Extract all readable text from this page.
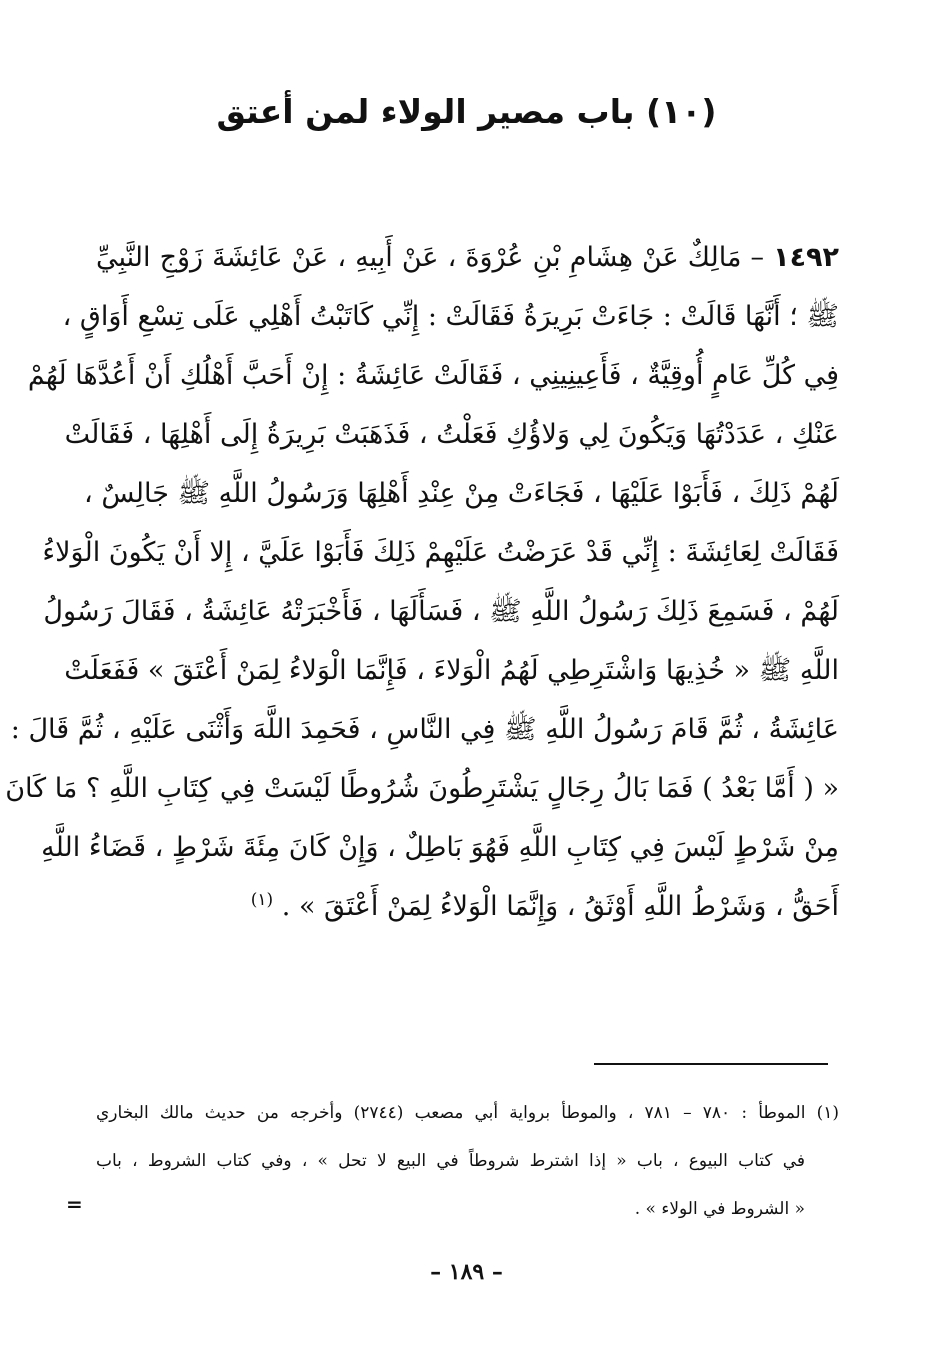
(١٠) باب مصير الولاء لمن أعتق
١٤٩٢ – مَالِكٌ عَنْ هِشَامِ بْنِ عُرْوَةَ ، عَنْ أَبِيهِ ، عَنْ عَائِشَةَ زَوْجِ النَّبِيِّ
ﷺ ؛ أَنَّهَا قَالَتْ : جَاءَتْ بَرِيرَةُ فَقَالَتْ : إِنِّي كَاتَبْتُ أَهْلِي عَلَى تِسْعِ أَوَاقٍ ،
فِي كُلِّ عَامٍ أُوقِيَّةٌ ، فَأَعِينِينِي ، فَقَالَتْ عَائِشَةُ : إِنْ أَحَبَّ أَهْلُكِ أَنْ أَعُدَّهَا لَهُمْ
عَنْكِ ، عَدَدْتُهَا وَيَكُونَ لِي وَلاؤُكِ فَعَلْتُ ، فَذَهَبَتْ بَرِيرَةُ إِلَى أَهْلِهَا ، فَقَالَتْ
لَهُمْ ذَلِكَ ، فَأَبَوْا عَلَيْهَا ، فَجَاءَتْ مِنْ عِنْدِ أَهْلِهَا وَرَسُولُ اللَّهِ ﷺ جَالِسٌ ،
فَقَالَتْ لِعَائِشَةَ : إِنِّي قَدْ عَرَضْتُ عَلَيْهِمْ ذَلِكَ فَأَبَوْا عَلَيَّ ، إِلا أَنْ يَكُونَ الْوَلاءُ
لَهُمْ ، فَسَمِعَ ذَلِكَ رَسُولُ اللَّهِ ﷺ ، فَسَأَلَهَا ، فَأَخْبَرَتْهُ عَائِشَةُ ، فَقَالَ رَسُولُ
اللَّهِ ﷺ « خُذِيهَا وَاشْتَرِطِي لَهُمُ الْوَلاءَ ، فَإِنَّمَا الْوَلاءُ لِمَنْ أَعْتَقَ » فَفَعَلَتْ
عَائِشَةُ ، ثُمَّ قَامَ رَسُولُ اللَّهِ ﷺ فِي النَّاسِ ، فَحَمِدَ اللَّهَ وَأَثْنَى عَلَيْهِ ، ثُمَّ قَالَ :
« ( أَمَّا بَعْدُ ) فَمَا بَالُ رِجَالٍ يَشْتَرِطُونَ شُرُوطًا لَيْسَتْ فِي كِتَابِ اللَّهِ ؟ مَا كَانَ
مِنْ شَرْطٍ لَيْسَ فِي كِتَابِ اللَّهِ فَهُوَ بَاطِلٌ ، وَإِنْ كَانَ مِئَةَ شَرْطٍ ، قَضَاءُ اللَّهِ
أَحَقُّ ، وَشَرْطُ اللَّهِ أَوْثَقُ ، وَإِنَّمَا الْوَلاءُ لِمَنْ أَعْتَقَ » . $^{(١)}$
(١) الموطأ : ٧٨٠ – ٧٨١ ، والموطأ برواية أبي مصعب (٢٧٤٤) وأخرجه من حديث مالك البخاري
في كتاب البيوع ، باب « إذا اشترط شروطاً في البيع لا تحل » ، وفي كتاب الشروط ، باب
« الشروط في الولاء » .
=
– ١٨٩ –
